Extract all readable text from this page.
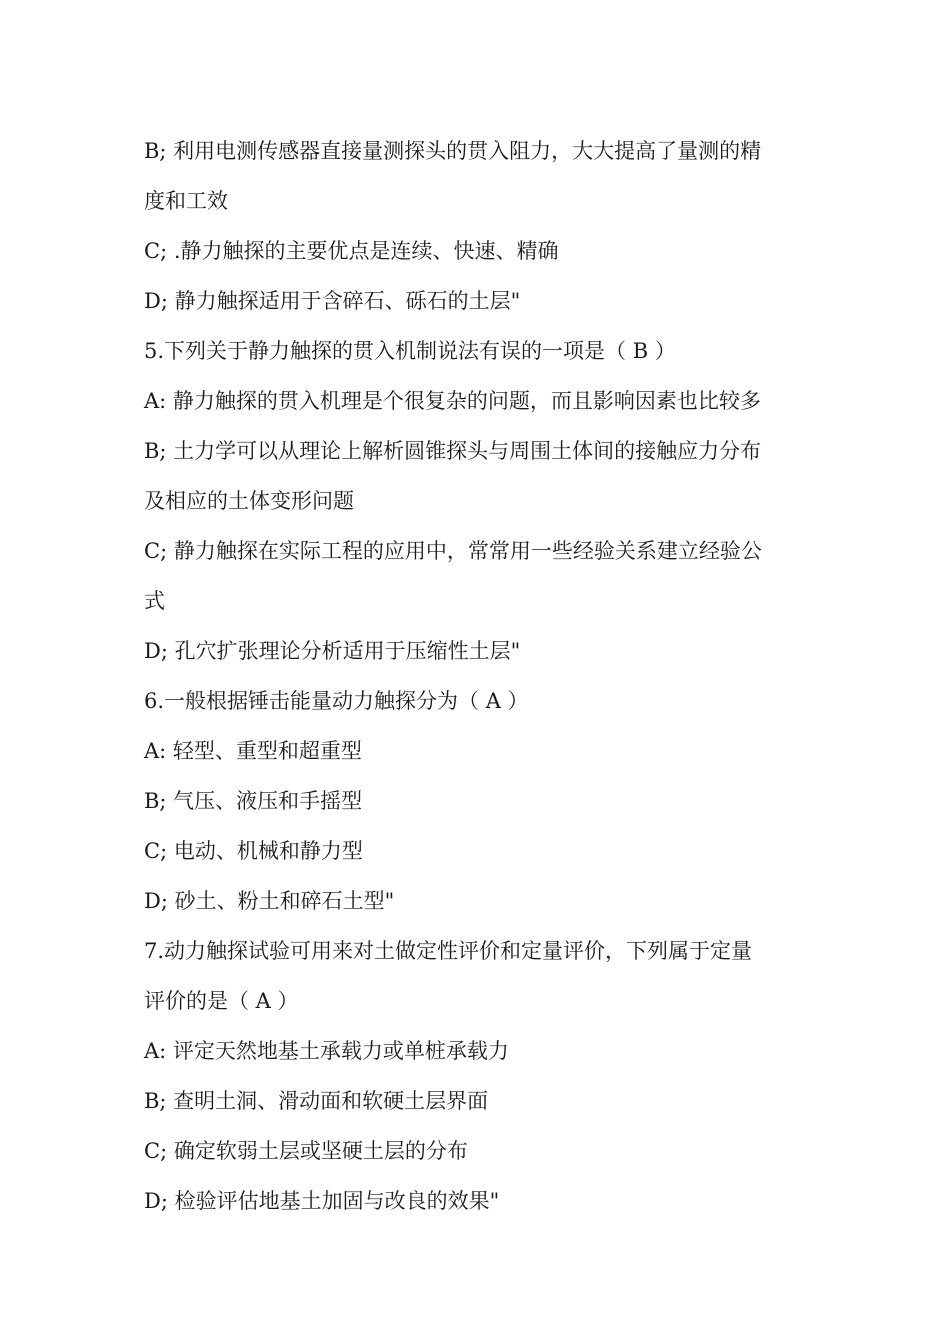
B; 利用电测传感器直接量测探头的贯入阻力，大大提高了量测的精
度和工效
C; .静力触探的主要优点是连续、快速、精确
D; 静力触探适用于含碎石、砾石的土层"
5.下列关于静力触探的贯入机制说法有误的一项是（ B ）
A: 静力触探的贯入机理是个很复杂的问题，而且影响因素也比较多
B; 土力学可以从理论上解析圆锥探头与周围土体间的接触应力分布
及相应的土体变形问题
C; 静力触探在实际工程的应用中，常常用一些经验关系建立经验公
式
D; 孔穴扩张理论分析适用于压缩性土层"
6.一般根据锤击能量动力触探分为（ A ）
A: 轻型、重型和超重型
B; 气压、液压和手摇型
C; 电动、机械和静力型
D; 砂土、粉土和碎石土型"
7.动力触探试验可用来对土做定性评价和定量评价，下列属于定量
评价的是（ A ）
A: 评定天然地基土承载力或单桩承载力
B; 查明土洞、滑动面和软硬土层界面
C; 确定软弱土层或坚硬土层的分布
D; 检验评估地基土加固与改良的效果"
